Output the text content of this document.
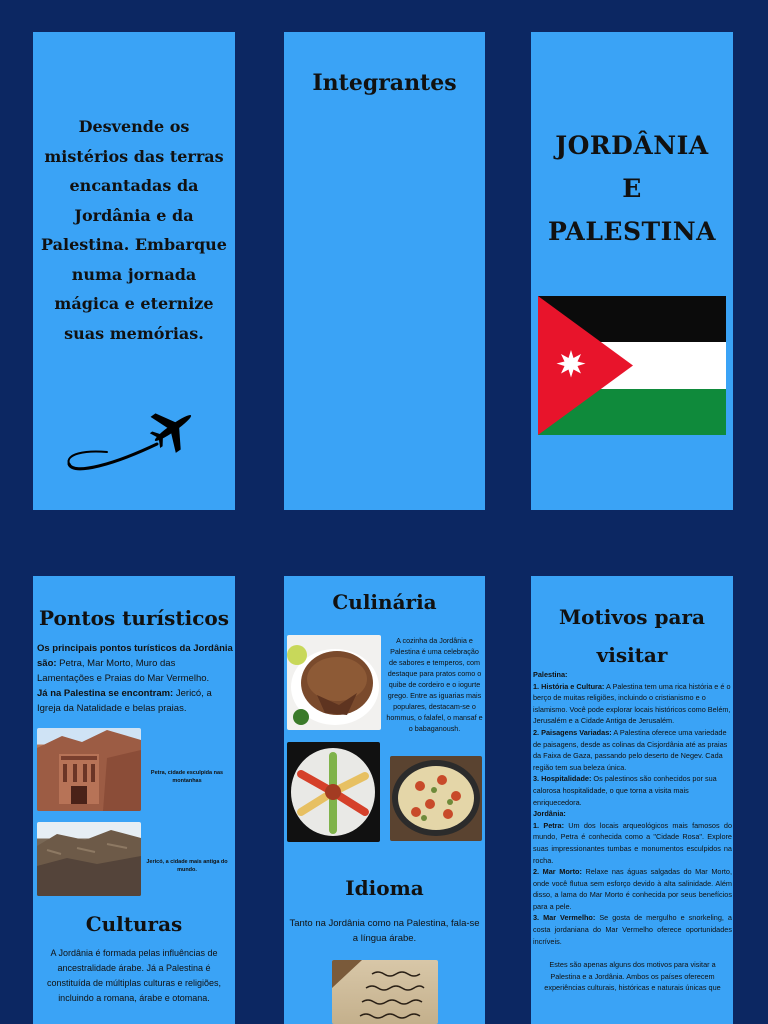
Desvende os mistérios das terras encantadas da Jordânia e da Palestina. Embarque numa jornada mágica e eternize suas memórias.

Integrantes
JORDÂNIA
E
PALESTINA
Pontos turísticos

Os principais pontos turísticos da Jordânia são: Petra, Mar Morto, Muro das Lamentações e Praias do Mar Vermelho.
Já na Palestina se encontram: Jericó, a Igreja da Natalidade e belas praias.

Petra, cidade esculpida nas montanhas

Jericó, a cidade mais antiga do mundo.

Culturas

A Jordânia é formada pelas influências de ancestralidade árabe. Já a Palestina é constituída de múltiplas culturas e religiões, incluindo a romana, árabe e otomana.

Culinária

A cozinha da Jordânia e Palestina é uma celebração de sabores e temperos, com destaque para pratos como o quibe de cordeiro e o iogurte grego. Entre as iguarias mais populares, destacam-se o hommus, o falafel, o mansaf e o babaganoush.

Idioma

Tanto na Jordânia como na Palestina, fala-se a língua árabe.

Motivos para
visitar

Palestina:

1. História e Cultura: A Palestina tem uma rica história e é o berço de muitas religiões, incluindo o cristianismo e o islamismo. Você pode explorar locais históricos como Belém, Jerusalém e a Cidade Antiga de Jerusalém.

2. Paisagens Variadas: A Palestina oferece uma variedade de paisagens, desde as colinas da Cisjordânia até as praias da Faixa de Gaza, passando pelo deserto de Negev. Cada região tem sua beleza única.

3. Hospitalidade: Os palestinos são conhecidos por sua calorosa hospitalidade, o que torna a visita mais enriquecedora.

Jordânia:

1. Petra: Um dos locais arqueológicos mais famosos do mundo, Petra é conhecida como a "Cidade Rosa". Explore suas impressionantes tumbas e monumentos esculpidos na rocha.

2. Mar Morto: Relaxe nas águas salgadas do Mar Morto, onde você flutua sem esforço devido à alta salinidade. Além disso, a lama do Mar Morto é conhecida por seus benefícios para a pele.

3. Mar Vermelho: Se gosta de mergulho e snorkeling, a costa jordaniana do Mar Vermelho oferece oportunidades incríveis.

Estes são apenas alguns dos motivos para visitar a Palestina e a Jordânia. Ambos os países oferecem experiências culturais, históricas e naturais únicas que
